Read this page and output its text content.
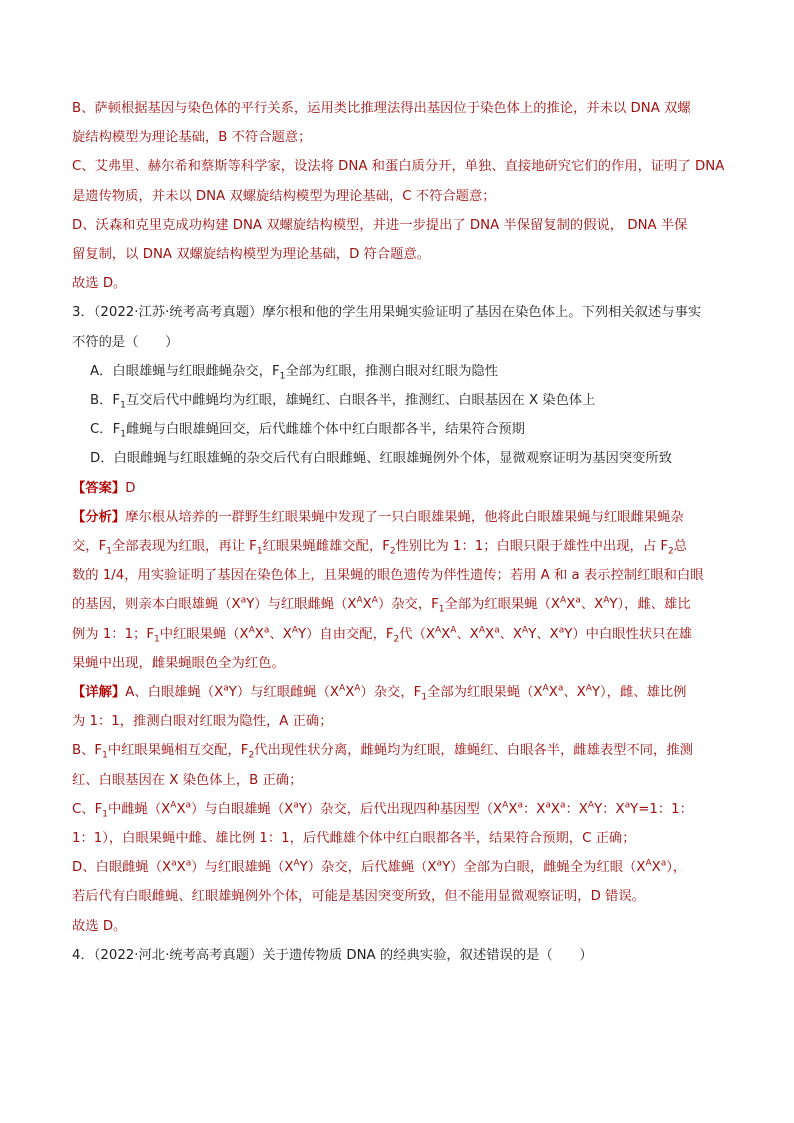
B、萨顿根据基因与染色体的平行关系，运用类比推理法得出基因位于染色体上的推论，并未以 DNA 双螺

旋结构模型为理论基础，B 不符合题意；

C、艾弗里、赫尔希和蔡斯等科学家，设法将 DNA 和蛋白质分开，单独、直接地研究它们的作用，证明了 DNA

是遗传物质，并未以 DNA 双螺旋结构模型为理论基础，C 不符合题意；

D、沃森和克里克成功构建 DNA 双螺旋结构模型，并进一步提出了 DNA 半保留复制的假说， DNA 半保

留复制，以 DNA 双螺旋结构模型为理论基础，D 符合题意。

故选 D。

3．（2022·江苏·统考高考真题）摩尔根和他的学生用果蝇实验证明了基因在染色体上。下列相关叙述与事实

不符的是（　　）

A．白眼雄蝇与红眼雌蝇杂交，$F_1$全部为红眼，推测白眼对红眼为隐性

B．$F_1$互交后代中雌蝇均为红眼，雄蝇红、白眼各半，推测红、白眼基因在 X 染色体上

C．$F_1$雌蝇与白眼雄蝇回交，后代雌雄个体中红白眼都各半，结果符合预期

D．白眼雌蝇与红眼雄蝇的杂交后代有白眼雌蝇、红眼雄蝇例外个体，显微观察证明为基因突变所致

【答案】D

【分析】摩尔根从培养的一群野生红眼果蝇中发现了一只白眼雄果蝇，他将此白眼雄果蝇与红眼雌果蝇杂

交，$F_1$全部表现为红眼，再让 $F_1$红眼果蝇雌雄交配，$F_2$性别比为 1：1；白眼只限于雄性中出现，占 $F_2$总

数的 1/4，用实验证明了基因在染色体上，且果蝇的眼色遗传为伴性遗传；若用 A 和 a 表示控制红眼和白眼

的基因，则亲本白眼雄蝇$(X^aY)$与红眼雌蝇$(X^AX^A)$杂交，$F_1$全部为红眼果蝇（$X^AX^a$、$X^AY$），雌、雄比

例为 1：1；$F_1$中红眼果蝇（$X^AX^a$、$X^AY$）自由交配，$F_2$代（$X^AX^A$、$X^AX^a$、$X^AY$、$X^aY$）中白眼性状只在雄

果蝇中出现，雌果蝇眼色全为红色。

【详解】A、白眼雄蝇$(X^aY)$与红眼雌蝇$(X^AX^A)$杂交，$F_1$全部为红眼果蝇（$X^AX^a$、$X^AY$），雌、雄比例

为 1：1，推测白眼对红眼为隐性，A 正确；

B、$F_1$中红眼果蝇相互交配，$F_2$代出现性状分离，雌蝇均为红眼，雄蝇红、白眼各半，雌雄表型不同，推测

红、白眼基因在 X 染色体上，B 正确；

C、$F_1$中雌蝇$(X^AX^a)$与白眼雄蝇$(X^aY)$杂交，后代出现四种基因型（$X^AX^a$：$X^aX^a$：$X^AY$：$X^aY=1$：1：

1：1），白眼果蝇中雌、雄比例 1：1，后代雌雄个体中红白眼都各半，结果符合预期，C 正确；

D、白眼雌蝇$(X^aX^a)$与红眼雄蝇$(X^AY)$杂交，后代雄蝇$(X^aY)$全部为白眼，雌蝇全为红眼$(X^AX^a)$，

若后代有白眼雌蝇、红眼雄蝇例外个体，可能是基因突变所致，但不能用显微观察证明，D 错误。

故选 D。

4．（2022·河北·统考高考真题）关于遗传物质 DNA 的经典实验，叙述错误的是（　　）
